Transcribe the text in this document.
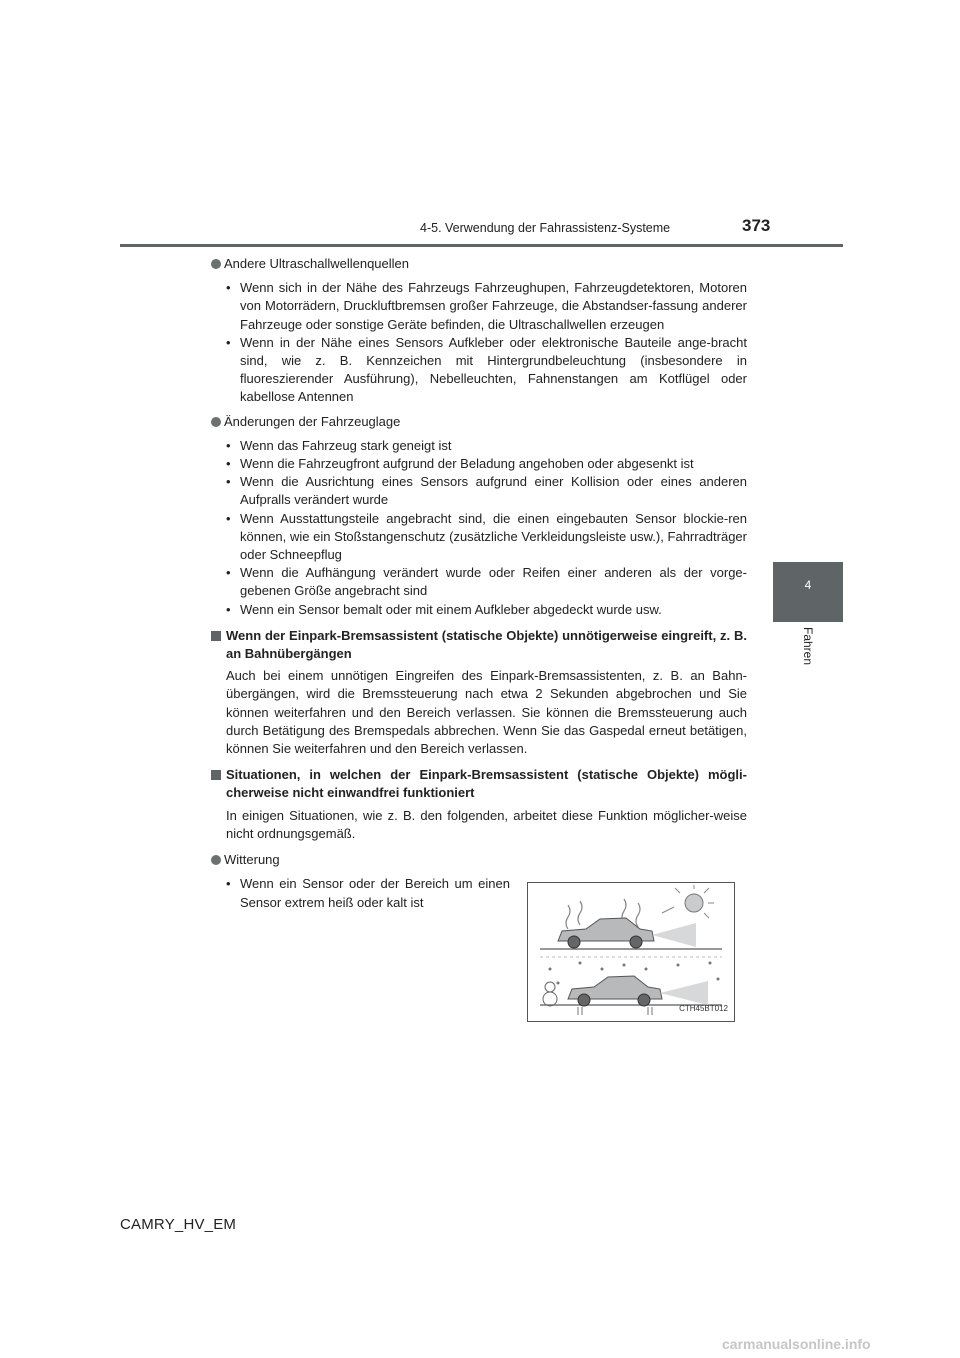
4-5. Verwendung der Fahrassistenz-Systeme	373
4
Fahren
Andere Ultraschallwellenquellen

• Wenn sich in der Nähe des Fahrzeugs Fahrzeughupen, Fahrzeugdetektoren, Motoren von Motorrädern, Druckluftbremsen großer Fahrzeuge, die Abstandser-fassung anderer Fahrzeuge oder sonstige Geräte befinden, die Ultraschallwellen erzeugen

• Wenn in der Nähe eines Sensors Aufkleber oder elektronische Bauteile ange-bracht sind, wie z. B. Kennzeichen mit Hintergrundbeleuchtung (insbesondere in fluoreszierender Ausführung), Nebelleuchten, Fahnenstangen am Kotflügel oder kabellose Antennen

Änderungen der Fahrzeuglage

• Wenn das Fahrzeug stark geneigt ist

• Wenn die Fahrzeugfront aufgrund der Beladung angehoben oder abgesenkt ist

• Wenn die Ausrichtung eines Sensors aufgrund einer Kollision oder eines anderen Aufpralls verändert wurde

• Wenn Ausstattungsteile angebracht sind, die einen eingebauten Sensor blockie-ren können, wie ein Stoßstangenschutz (zusätzliche Verkleidungsleiste usw.), Fahrradträger oder Schneepflug

• Wenn die Aufhängung verändert wurde oder Reifen einer anderen als der vorge-gebenen Größe angebracht sind

• Wenn ein Sensor bemalt oder mit einem Aufkleber abgedeckt wurde usw.

Wenn der Einpark-Bremsassistent (statische Objekte) unnötigerweise eingreift, z. B. an Bahnübergängen

Auch bei einem unnötigen Eingreifen des Einpark-Bremsassistenten, z. B. an Bahn-übergängen, wird die Bremssteuerung nach etwa 2 Sekunden abgebrochen und Sie können weiterfahren und den Bereich verlassen. Sie können die Bremssteuerung auch durch Betätigung des Bremspedals abbrechen. Wenn Sie das Gaspedal erneut betätigen, können Sie weiterfahren und den Bereich verlassen.

Situationen, in welchen der Einpark-Bremsassistent (statische Objekte) mögli-cherweise nicht einwandfrei funktioniert

In einigen Situationen, wie z. B. den folgenden, arbeitet diese Funktion möglicher-weise nicht ordnungsgemäß.

Witterung

• Wenn ein Sensor oder der Bereich um einen Sensor extrem heiß oder kalt ist

CTH45BT012
CAMRY_HV_EM
carmanualsonline.info
